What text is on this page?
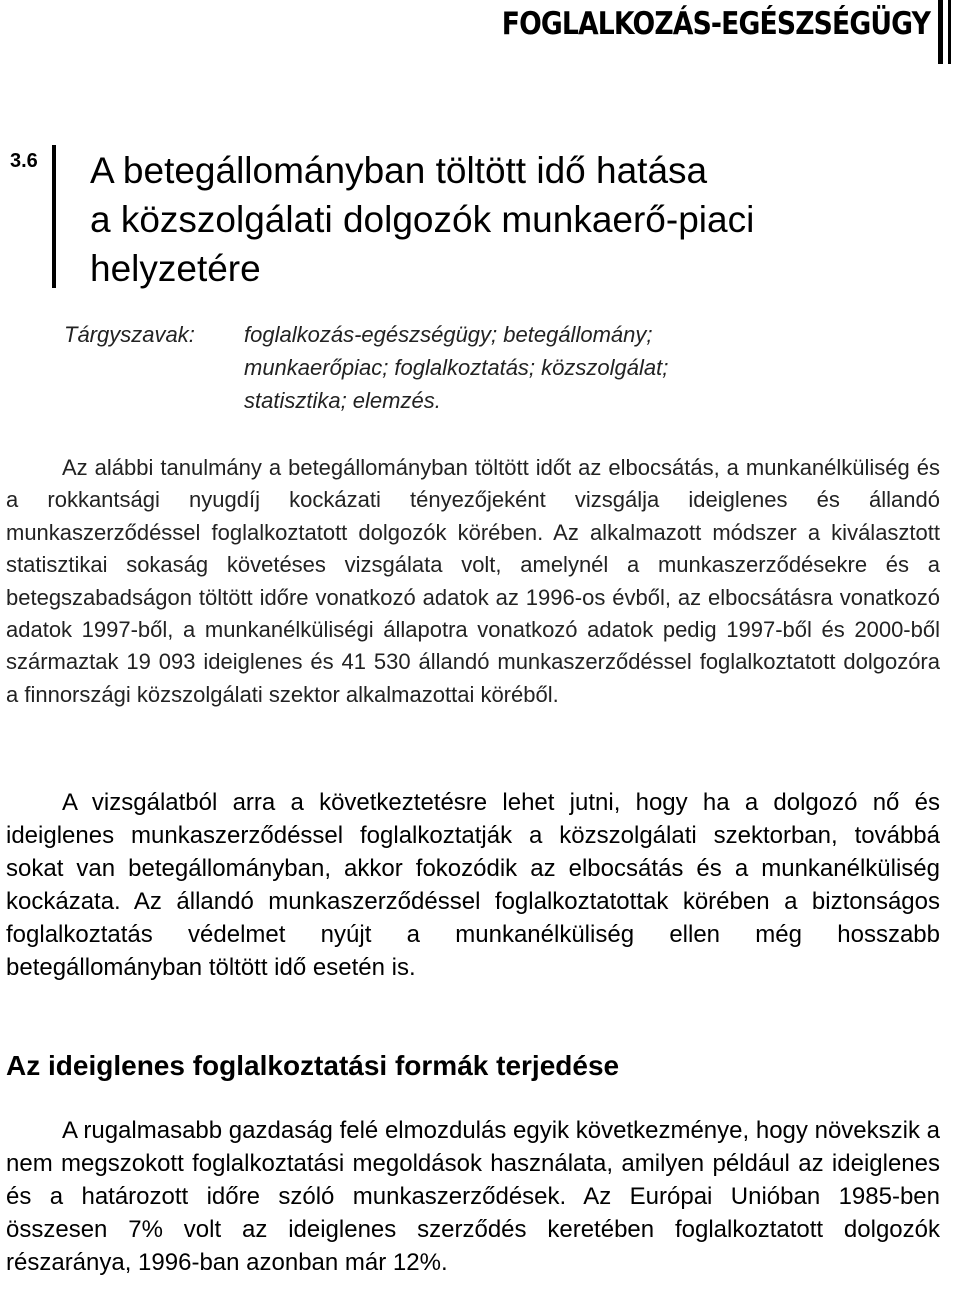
FOGLALKOZÁS-EGÉSZSÉGÜGY
3.6 A betegállományban töltött idő hatása
a közszolgálati dolgozók munkaerő-piaci
helyzetére
Tárgyszavak: foglalkozás-egészségügy; betegállomány;
munkaerőpiac; foglalkoztatás; közszolgálat;
statisztika; elemzés.

Az alábbi tanulmány a betegállományban töltött időt az elbocsátás, a munkanélküliség és a rokkantsági nyugdíj kockázati tényezőjeként vizsgálja ideiglenes és állandó munkaszerződéssel foglalkoztatott dolgozók körében. Az alkalmazott módszer a kiválasztott statisztikai sokaság követéses vizsgálata volt, amelynél a munkaszerződésekre és a betegszabadságon töltött időre vonatkozó adatok az 1996-os évből, az elbocsátásra vonatkozó adatok 1997-ből, a munkanélküliségi állapotra vonatkozó adatok pedig 1997-ből és 2000-ből származtak 19 093 ideiglenes és 41 530 állandó munkaszerződéssel foglalkoztatott dolgozóra a finnországi közszolgálati szektor alkalmazottai köréből.

A vizsgálatból arra a következtetésre lehet jutni, hogy ha a dolgozó nő és ideiglenes munkaszerződéssel foglalkoztatják a közszolgálati szektorban, továbbá sokat van betegállományban, akkor fokozódik az elbocsátás és a munkanélküliség kockázata. Az állandó munkaszerződéssel foglalkoztatottak körében a biztonságos foglalkoztatás védelmet nyújt a munkanélküliség ellen még hosszabb betegállományban töltött idő esetén is.

Az ideiglenes foglalkoztatási formák terjedése

A rugalmasabb gazdaság felé elmozdulás egyik következménye, hogy növekszik a nem megszokott foglalkoztatási megoldások használata, amilyen például az ideiglenes és a határozott időre szóló munkaszerződések. Az Európai Unióban 1985-ben összesen 7% volt az ideiglenes szerződés keretében foglalkoztatott dolgozók részaránya, 1996-ban azonban már 12%.
